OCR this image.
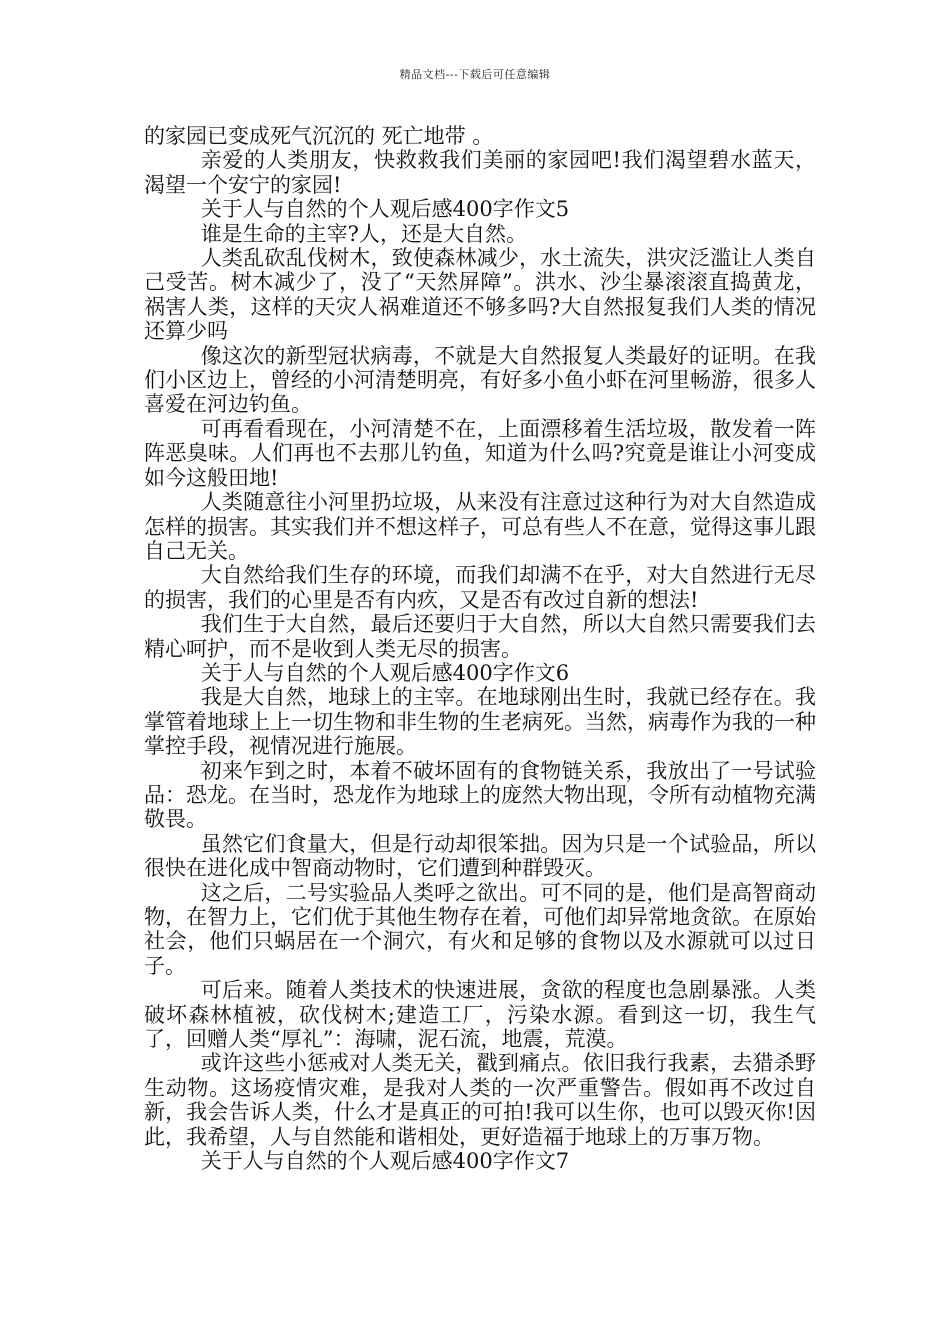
精品文档---下载后可任意编辑

的家园已变成死气沉沉的 死亡地带 。

亲爱的人类朋友，快救救我们美丽的家园吧!我们渴望碧水蓝天，渴望一个安宁的家园!

关于人与自然的个人观后感400字作文5

谁是生命的主宰?人，还是大自然。

人类乱砍乱伐树木，致使森林减少，水土流失，洪灾泛滥让人类自己受苦。树木减少了，没了“天然屏障”。洪水、沙尘暴滚滚直捣黄龙，祸害人类，这样的天灾人祸难道还不够多吗?大自然报复我们人类的情况还算少吗

像这次的新型冠状病毒，不就是大自然报复人类最好的证明。在我们小区边上，曾经的小河清楚明亮，有好多小鱼小虾在河里畅游，很多人喜爱在河边钓鱼。

可再看看现在，小河清楚不在，上面漂移着生活垃圾，散发着一阵阵恶臭味。人们再也不去那儿钓鱼，知道为什么吗?究竟是谁让小河变成如今这般田地!

人类随意往小河里扔垃圾，从来没有注意过这种行为对大自然造成怎样的损害。其实我们并不想这样子，可总有些人不在意，觉得这事儿跟自己无关。

大自然给我们生存的环境，而我们却满不在乎，对大自然进行无尽的损害，我们的心里是否有内疚，又是否有改过自新的想法!

我们生于大自然，最后还要归于大自然，所以大自然只需要我们去精心呵护，而不是收到人类无尽的损害。

关于人与自然的个人观后感400字作文6

我是大自然，地球上的主宰。在地球刚出生时，我就已经存在。我掌管着地球上上一切生物和非生物的生老病死。当然，病毒作为我的一种掌控手段，视情况进行施展。

初来乍到之时，本着不破坏固有的食物链关系，我放出了一号试验品：恐龙。在当时，恐龙作为地球上的庞然大物出现，令所有动植物充满敬畏。

虽然它们食量大，但是行动却很笨拙。因为只是一个试验品，所以很快在进化成中智商动物时，它们遭到种群毁灭。

这之后，二号实验品人类呼之欲出。可不同的是，他们是高智商动物，在智力上，它们优于其他生物存在着，可他们却异常地贪欲。在原始社会，他们只蜗居在一个洞穴，有火和足够的食物以及水源就可以过日子。

可后来。随着人类技术的快速进展，贪欲的程度也急剧暴涨。人类破坏森林植被，砍伐树木;建造工厂，污染水源。看到这一切，我生气了，回赠人类“厚礼”：海啸，泥石流，地震，荒漠。

或许这些小惩戒对人类无关，戳到痛点。依旧我行我素，去猎杀野生动物。这场疫情灾难，是我对人类的一次严重警告。假如再不改过自新，我会告诉人类，什么才是真正的可拍!我可以生你，也可以毁灭你!因此，我希望，人与自然能和谐相处，更好造福于地球上的万事万物。

关于人与自然的个人观后感400字作文7
